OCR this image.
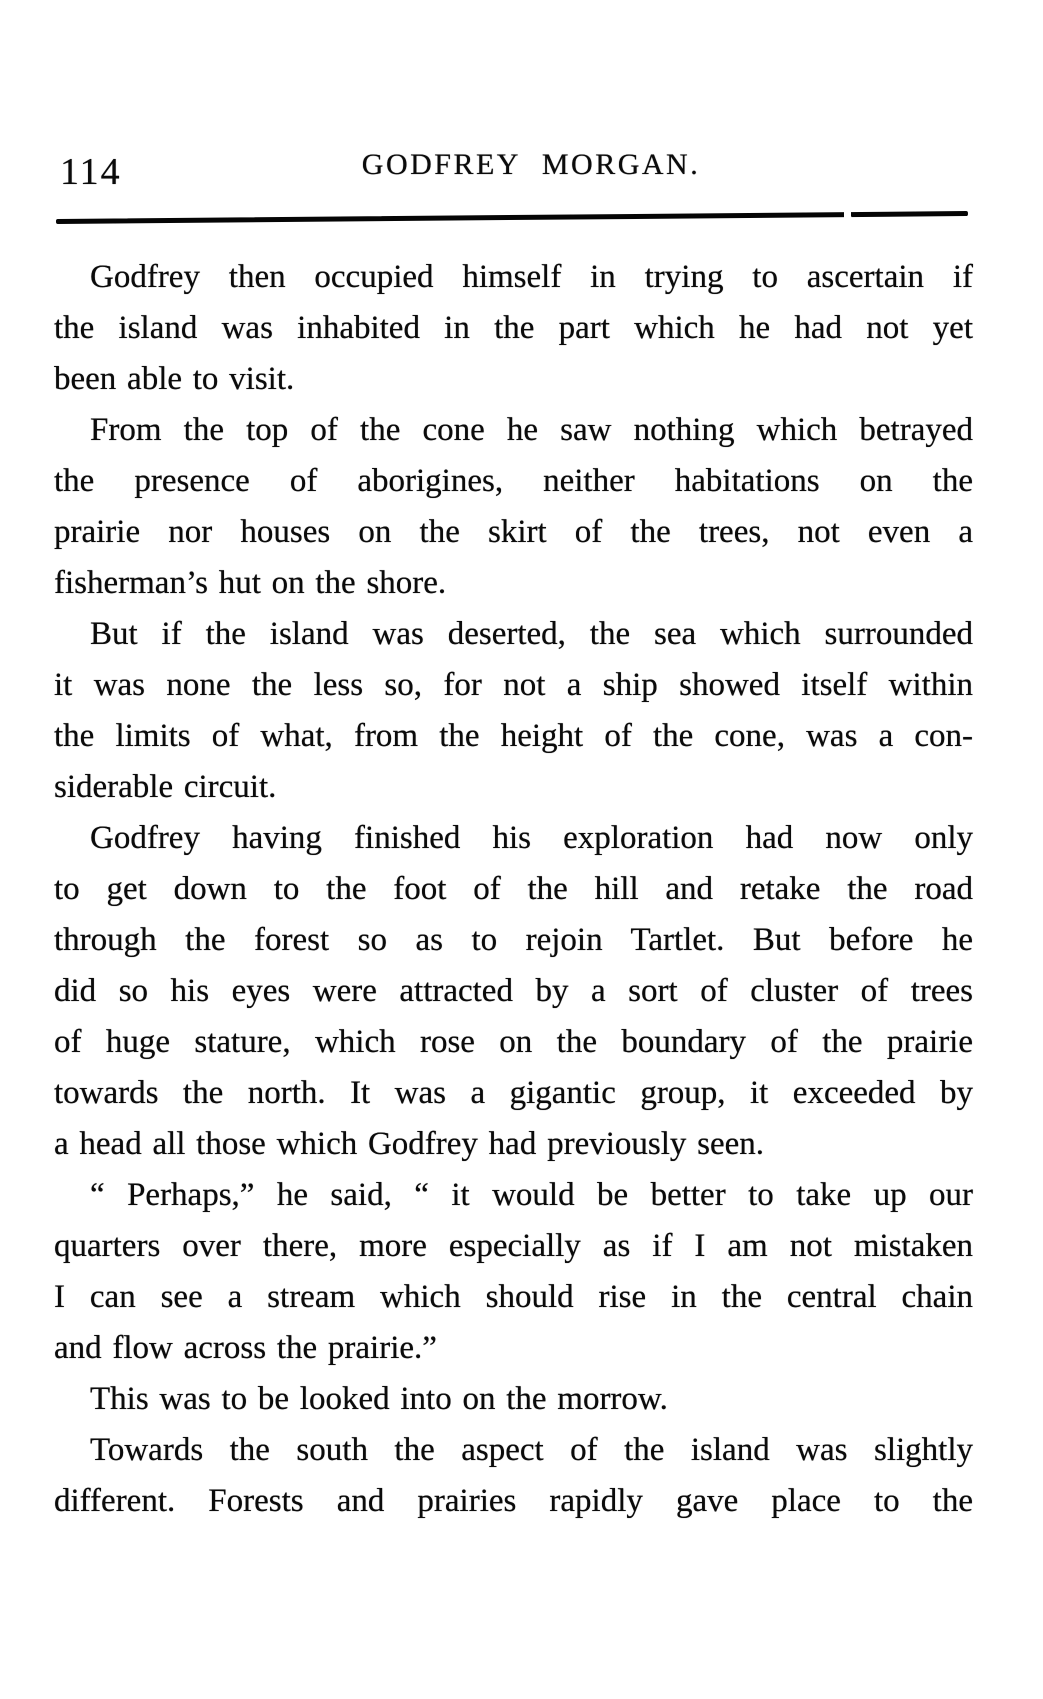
114	GODFREY MORGAN.
Godfrey then occupied himself in trying to ascertain if
the island was inhabited in the part which he had not yet
been able to visit.
From the top of the cone he saw nothing which betrayed
the presence of aborigines, neither habitations on the
prairie nor houses on the skirt of the trees, not even a
fisherman’s hut on the shore.
But if the island was deserted, the sea which surrounded
it was none the less so, for not a ship showed itself within
the limits of what, from the height of the cone, was a con-
siderable circuit.
Godfrey having finished his exploration had now only
to get down to the foot of the hill and retake the road
through the forest so as to rejoin Tartlet. But before he
did so his eyes were attracted by a sort of cluster of trees
of huge stature, which rose on the boundary of the prairie
towards the north. It was a gigantic group, it exceeded by
a head all those which Godfrey had previously seen.
“ Perhaps,” he said, “ it would be better to take up our
quarters over there, more especially as if I am not mistaken
I can see a stream which should rise in the central chain
and flow across the prairie.”
This was to be looked into on the morrow.
Towards the south the aspect of the island was slightly
different. Forests and prairies rapidly gave place to the
